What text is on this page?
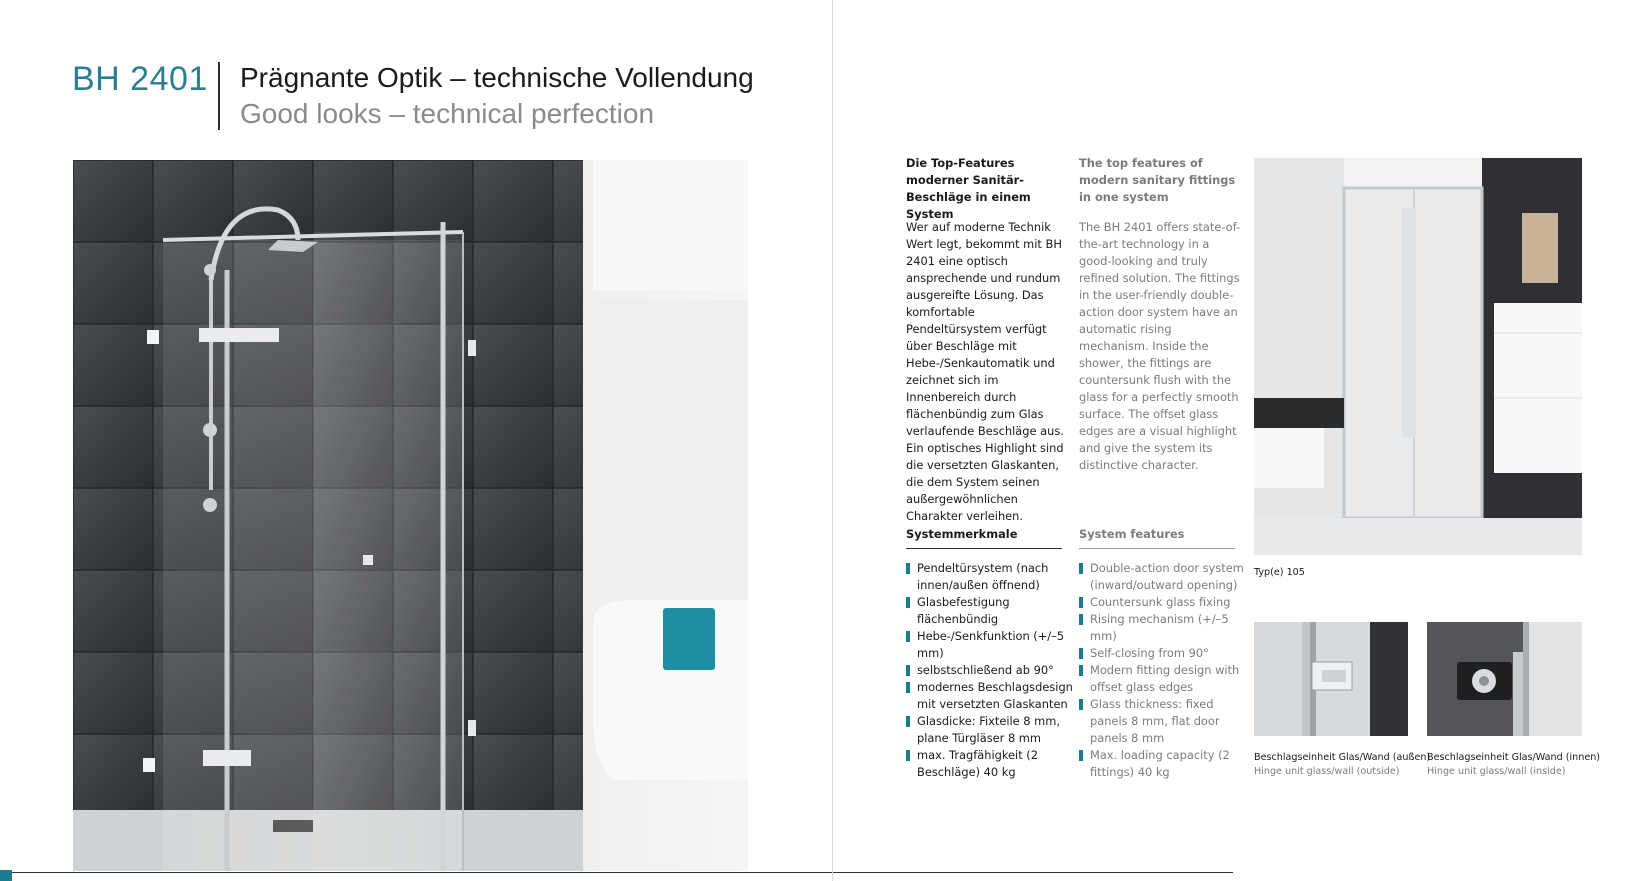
BH 2401 Prägnante Optik – technische Vollendung
Good looks – technical perfection
Die Top-Features moderner Sanitär-Beschläge in einem System
Wer auf moderne Technik Wert legt, bekommt mit BH 2401 eine optisch ansprechende und rundum ausgereifte Lösung. Das komfortable Pendeltürsystem verfügt über Beschläge mit Hebe-/Senkautomatik und zeichnet sich im Innenbereich durch flächenbündig zum Glas verlaufende Beschläge aus. Ein optisches Highlight sind die versetzten Glaskanten, die dem System seinen außergewöhnlichen Charakter verleihen.
Systemmerkmale
Pendeltürsystem (nach innen/außen öffnend)
Glasbefestigung flächenbündig
Hebe-/Senkfunktion (+/–5 mm)
selbstschließend ab 90°
modernes Beschlagsdesign mit versetzten Glaskanten
Glasdicke: Fixteile 8 mm, plane Türgläser 8 mm
max. Tragfähigkeit (2 Beschläge) 40 kg
The top features of modern sanitary fittings in one system
The BH 2401 offers state-of-the-art technology in a good-looking and truly refined solution. The fittings in the user-friendly double-action door system have an automatic rising mechanism. Inside the shower, the fittings are countersunk flush with the glass for a perfectly smooth surface. The offset glass edges are a visual highlight and give the system its distinctive character.
System features
Double-action door system (inward/outward opening)
Countersunk glass fixing
Rising mechanism (+/–5 mm)
Self-closing from 90°
Modern fitting design with offset glass edges
Glass thickness: fixed panels 8 mm, flat door panels 8 mm
Max. loading capacity (2 fittings) 40 kg
Typ(e) 105
Beschlagseinheit Glas/Wand (außen)
Hinge unit glass/wall (outside)
Beschlagseinheit Glas/Wand (innen)
Hinge unit glass/wall (inside)
